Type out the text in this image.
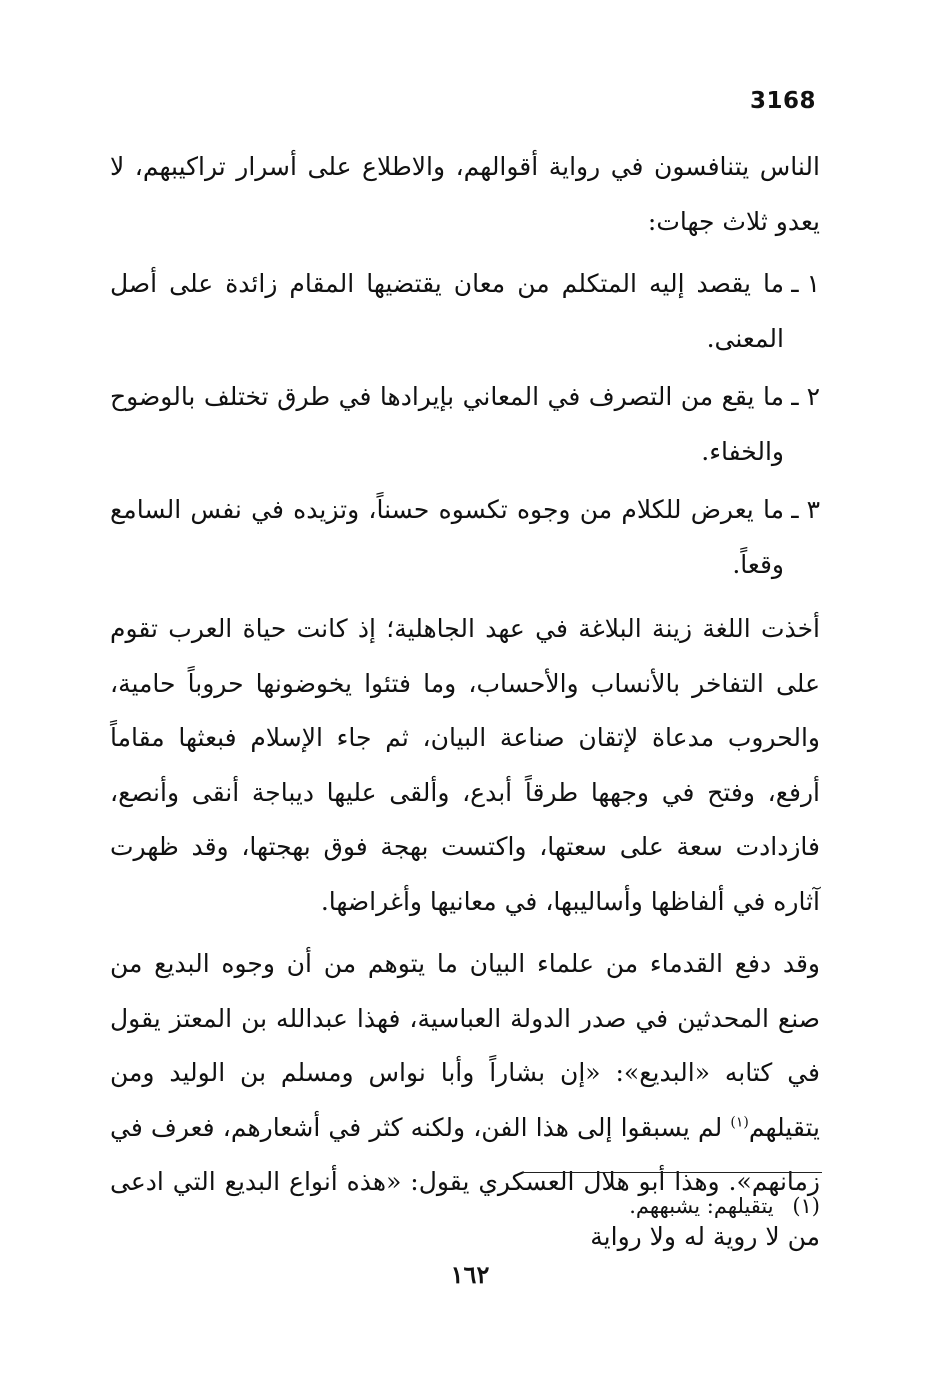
3168

الناس يتنافسون في رواية أقوالهم، والاطلاع على أسرار تراكيبهم، لا يعدو ثلاث جهات:

١ ـ
ما يقصد إليه المتكلم من معان يقتضيها المقام زائدة على أصل المعنى.
٢ ـ
ما يقع من التصرف في المعاني بإيرادها في طرق تختلف بالوضوح والخفاء.
٣ ـ
ما يعرض للكلام من وجوه تكسوه حسناً، وتزيده في نفس السامع وقعاً.

أخذت اللغة زينة البلاغة في عهد الجاهلية؛ إذ كانت حياة العرب تقوم على التفاخر بالأنساب والأحساب، وما فتئوا يخوضونها حروباً حامية، والحروب مدعاة لإتقان صناعة البيان، ثم جاء الإسلام فبعثها مقاماً أرفع، وفتح في وجهها طرقاً أبدع، وألقى عليها ديباجة أنقى وأنصع، فازدادت سعة على سعتها، واكتست بهجة فوق بهجتها، وقد ظهرت آثاره في ألفاظها وأساليبها، في معانيها وأغراضها.

وقد دفع القدماء من علماء البيان ما يتوهم من أن وجوه البديع من صنع المحدثين في صدر الدولة العباسية، فهذا عبدالله بن المعتز يقول في كتابه «البديع»: «إن بشاراً وأبا نواس ومسلم بن الوليد ومن يتقيلهم$^{(١)}$ لم يسبقوا إلى هذا الفن، ولكنه كثر في أشعارهم، فعرف في زمانهم». وهذا أبو هلال العسكري يقول: «هذه أنواع البديع التي ادعى من لا روية له ولا رواية

(١) يتقيلهم: يشبههم.
١٦٢
